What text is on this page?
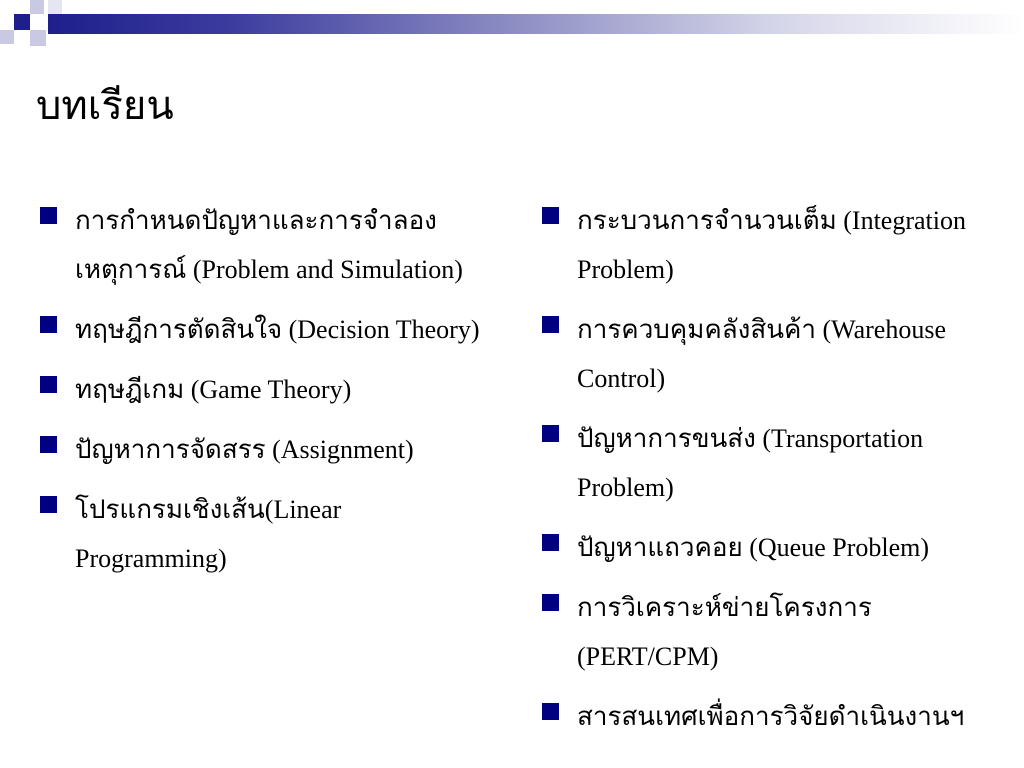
บทเรียน
การกำหนดปัญหาและการจำลองเหตุการณ์ (Problem and Simulation)
ทฤษฎีการตัดสินใจ (Decision Theory)
ทฤษฎีเกม (Game Theory)
ปัญหาการจัดสรร (Assignment)
โปรแกรมเชิงเส้น(Linear Programming)
กระบวนการจำนวนเต็ม (Integration Problem)
การควบคุมคลังสินค้า (Warehouse Control)
ปัญหาการขนส่ง (Transportation Problem)
ปัญหาแถวคอย (Queue Problem)
การวิเคราะห์ข่ายโครงการ (PERT/CPM)
สารสนเทศเพื่อการวิจัยดำเนินงานฯ
